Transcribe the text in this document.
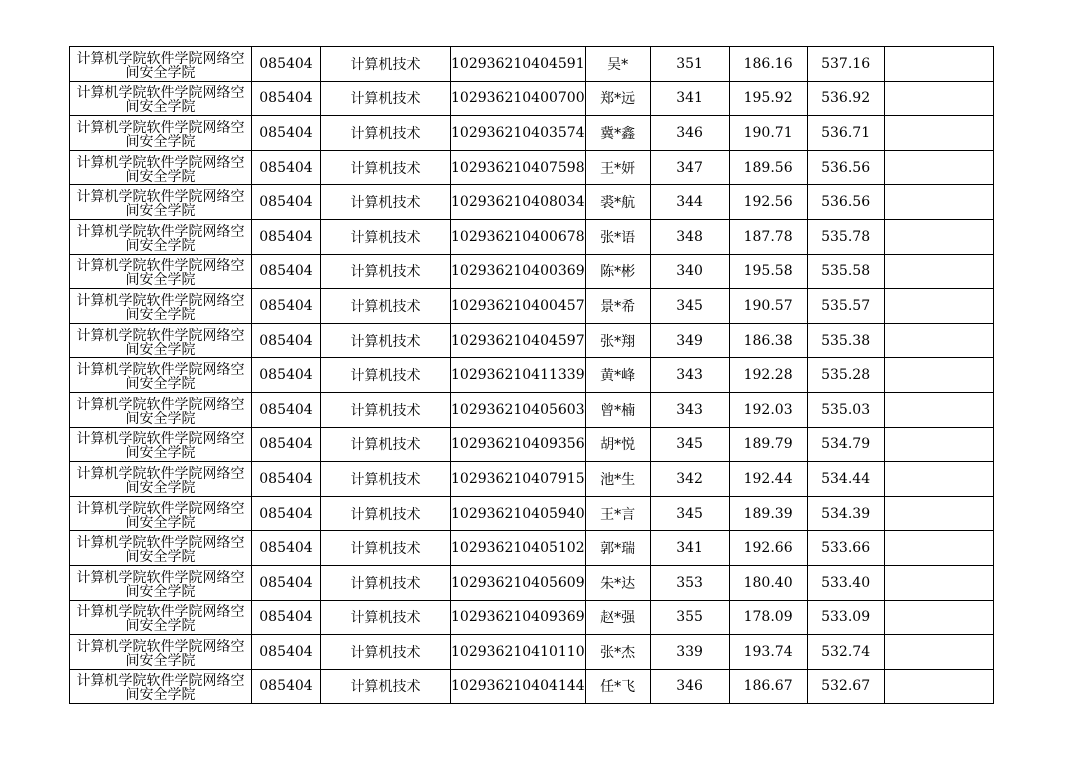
计算机学院软件学院网络空间安全学院	085404	计算机技术	102936210404591	吴*	351	186.16	537.16	

计算机学院软件学院网络空间安全学院	085404	计算机技术	102936210400700	郑*远	341	195.92	536.92	

计算机学院软件学院网络空间安全学院	085404	计算机技术	102936210403574	冀*鑫	346	190.71	536.71	

计算机学院软件学院网络空间安全学院	085404	计算机技术	102936210407598	王*妍	347	189.56	536.56	

计算机学院软件学院网络空间安全学院	085404	计算机技术	102936210408034	裘*航	344	192.56	536.56	

计算机学院软件学院网络空间安全学院	085404	计算机技术	102936210400678	张*语	348	187.78	535.78	

计算机学院软件学院网络空间安全学院	085404	计算机技术	102936210400369	陈*彬	340	195.58	535.58	

计算机学院软件学院网络空间安全学院	085404	计算机技术	102936210400457	景*希	345	190.57	535.57	

计算机学院软件学院网络空间安全学院	085404	计算机技术	102936210404597	张*翔	349	186.38	535.38	

计算机学院软件学院网络空间安全学院	085404	计算机技术	102936210411339	黄*峰	343	192.28	535.28	

计算机学院软件学院网络空间安全学院	085404	计算机技术	102936210405603	曾*楠	343	192.03	535.03	

计算机学院软件学院网络空间安全学院	085404	计算机技术	102936210409356	胡*悦	345	189.79	534.79	

计算机学院软件学院网络空间安全学院	085404	计算机技术	102936210407915	池*生	342	192.44	534.44	

计算机学院软件学院网络空间安全学院	085404	计算机技术	102936210405940	王*言	345	189.39	534.39	

计算机学院软件学院网络空间安全学院	085404	计算机技术	102936210405102	郭*瑞	341	192.66	533.66	

计算机学院软件学院网络空间安全学院	085404	计算机技术	102936210405609	朱*达	353	180.40	533.40	

计算机学院软件学院网络空间安全学院	085404	计算机技术	102936210409369	赵*强	355	178.09	533.09	

计算机学院软件学院网络空间安全学院	085404	计算机技术	102936210410110	张*杰	339	193.74	532.74	

计算机学院软件学院网络空间安全学院	085404	计算机技术	102936210404144	任*飞	346	186.67	532.67	
